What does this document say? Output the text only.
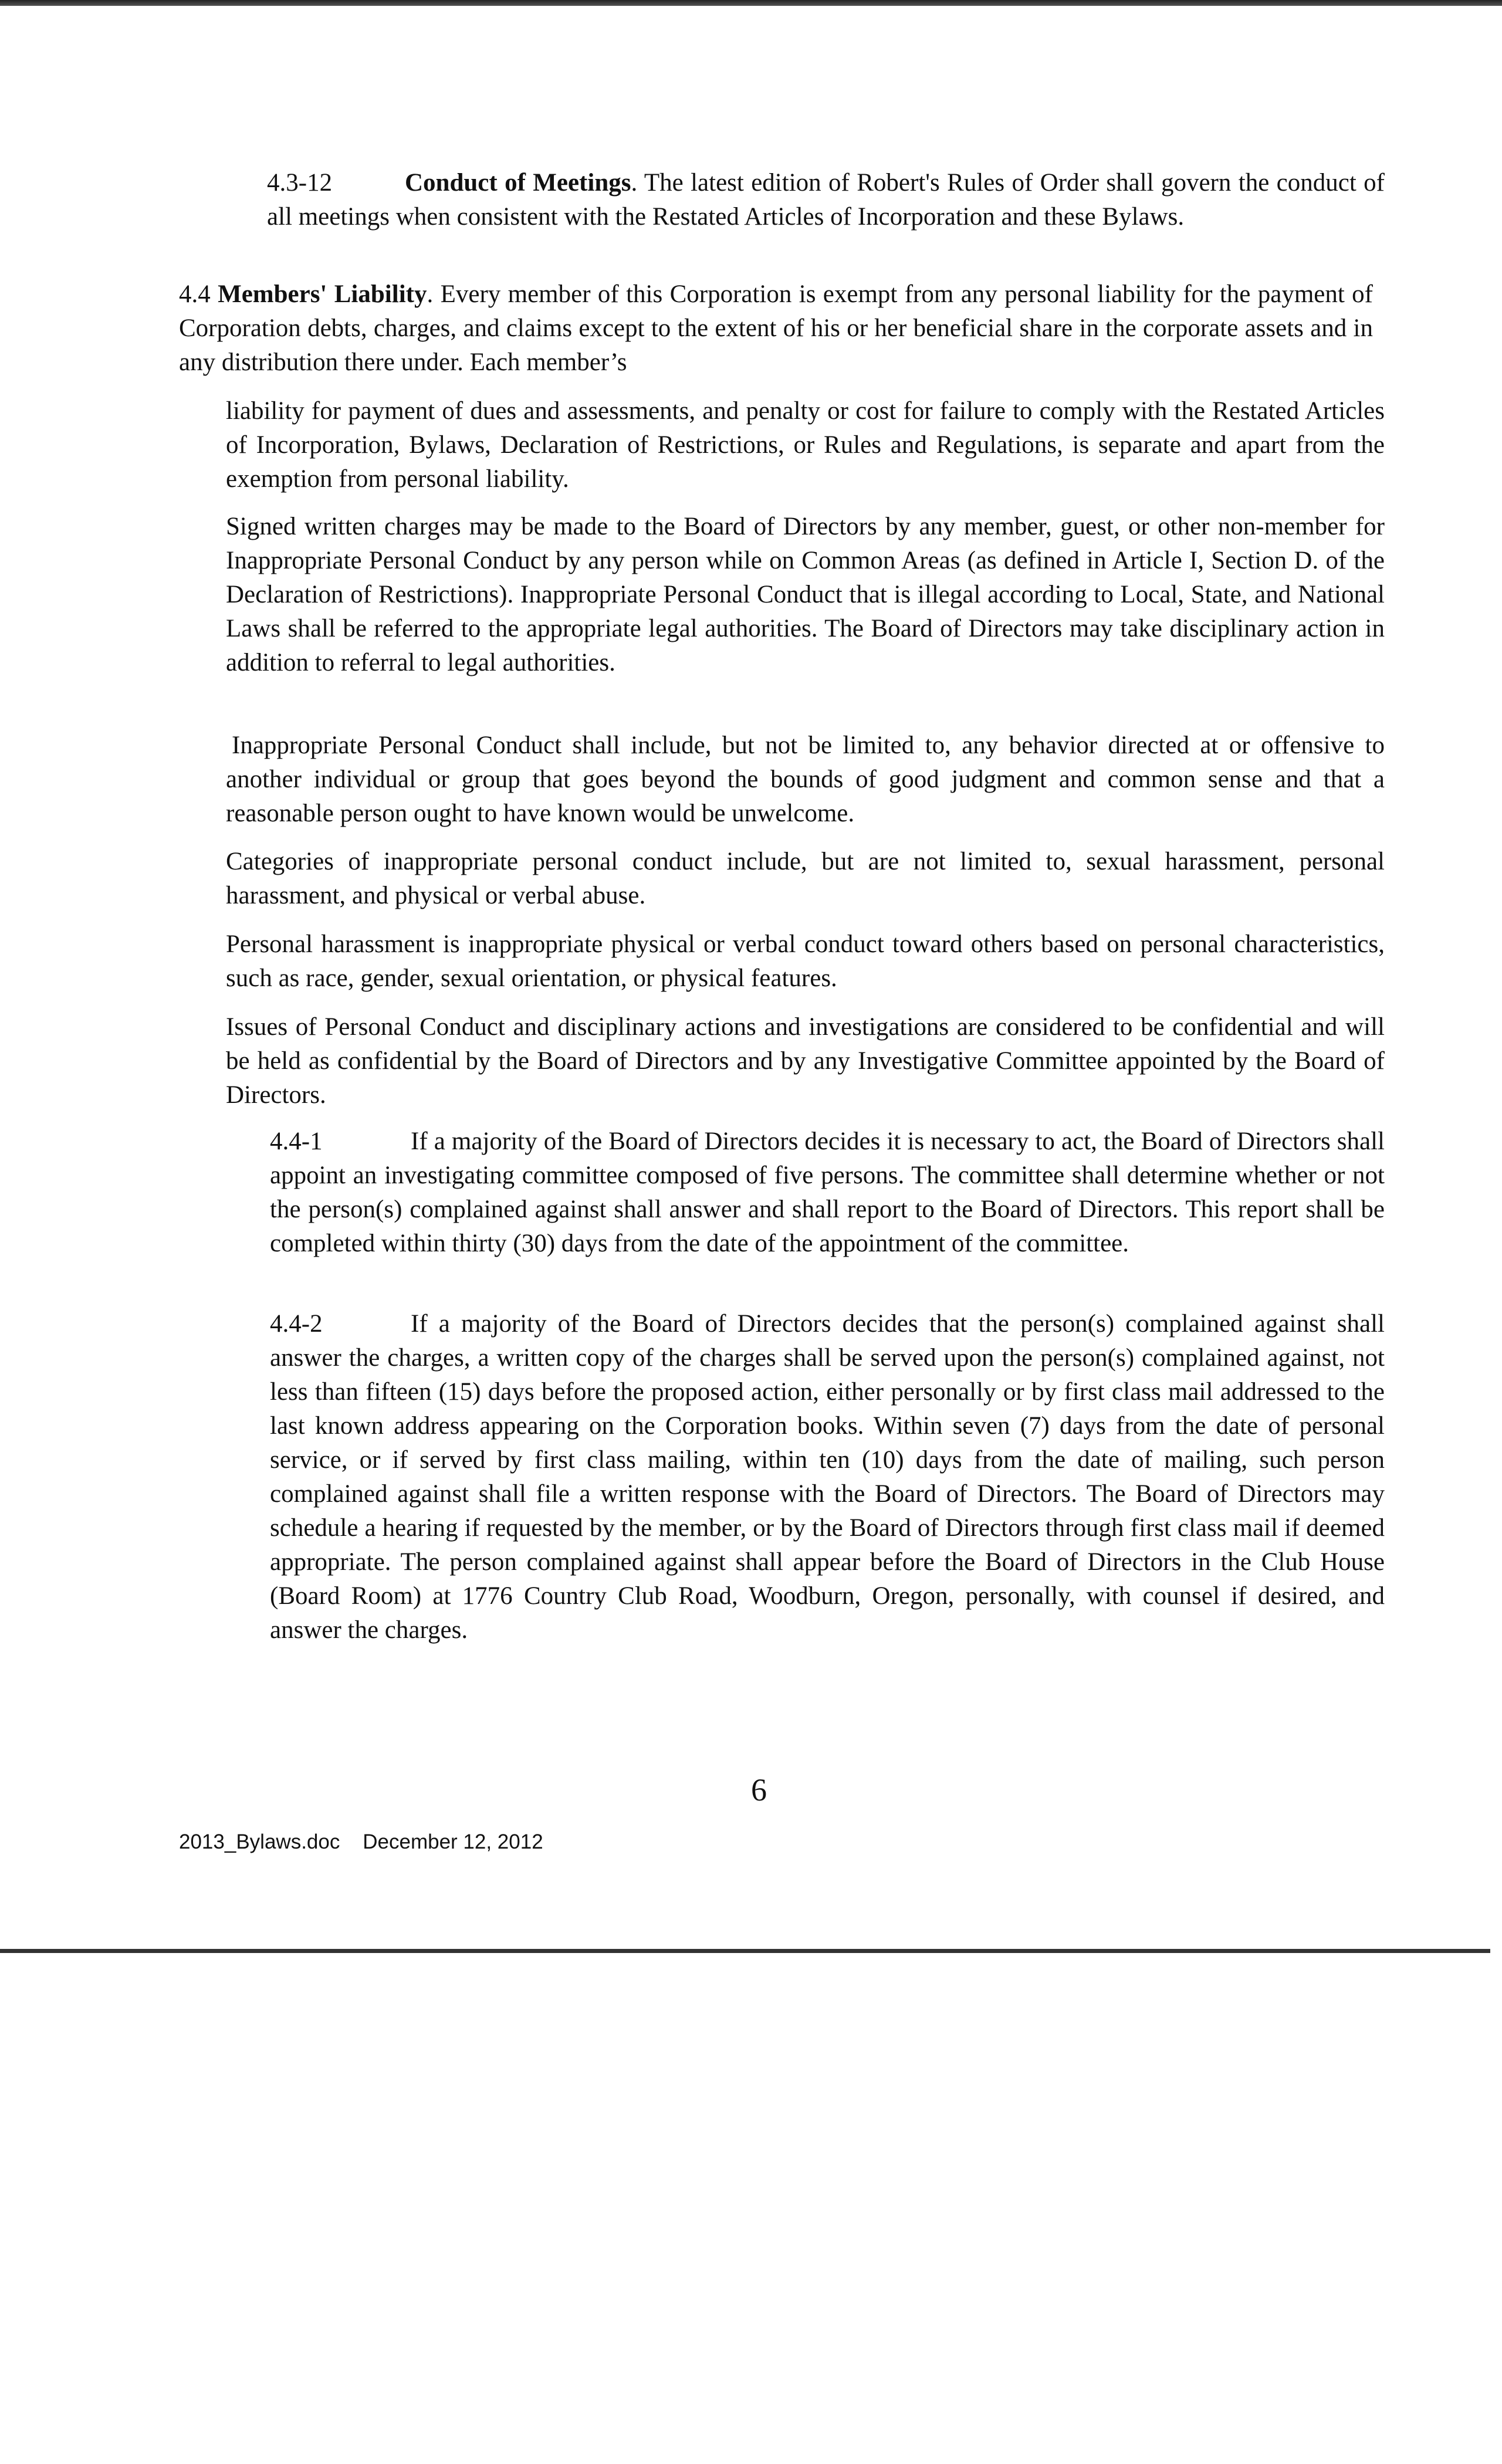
4.3-12	Conduct of Meetings. The latest edition of Robert's Rules of Order shall govern the conduct of all meetings when consistent with the Restated Articles of Incorporation and these Bylaws.

4.4 Members' Liability. Every member of this Corporation is exempt from any personal liability for the payment of Corporation debts, charges, and claims except to the extent of his or her beneficial share in the corporate assets and in any distribution there under. Each member’s

liability for payment of dues and assessments, and penalty or cost for failure to comply with the Restated Articles of Incorporation, Bylaws, Declaration of Restrictions, or Rules and Regulations, is separate and apart from the exemption from personal liability.

Signed written charges may be made to the Board of Directors by any member, guest, or other non-member for Inappropriate Personal Conduct by any person while on Common Areas (as defined in Article I, Section D. of the Declaration of Restrictions). Inappropriate Personal Conduct that is illegal according to Local, State, and National Laws shall be referred to the appropriate legal authorities. The Board of Directors may take disciplinary action in addition to referral to legal authorities.

Inappropriate Personal Conduct shall include, but not be limited to, any behavior directed at or offensive to another individual or group that goes beyond the bounds of good judgment and common sense and that a reasonable person ought to have known would be unwelcome.

Categories of inappropriate personal conduct include, but are not limited to, sexual harassment, personal harassment, and physical or verbal abuse.

Personal harassment is inappropriate physical or verbal conduct toward others based on personal characteristics, such as race, gender, sexual orientation, or physical features.

Issues of Personal Conduct and disciplinary actions and investigations are considered to be confidential and will be held as confidential by the Board of Directors and by any Investigative Committee appointed by the Board of Directors.

4.4-1	If a majority of the Board of Directors decides it is necessary to act, the Board of Directors shall appoint an investigating committee composed of five persons. The committee shall determine whether or not the person(s) complained against shall answer and shall report to the Board of Directors. This report shall be completed within thirty (30) days from the date of the appointment of the committee.

4.4-2	If a majority of the Board of Directors decides that the person(s) complained against shall answer the charges, a written copy of the charges shall be served upon the person(s) complained against, not less than fifteen (15) days before the proposed action, either personally or by first class mail addressed to the last known address appearing on the Corporation books. Within seven (7) days from the date of personal service, or if served by first class mailing, within ten (10) days from the date of mailing, such person complained against shall file a written response with the Board of Directors. The Board of Directors may schedule a hearing if requested by the member, or by the Board of Directors through first class mail if deemed appropriate. The person complained against shall appear before the Board of Directors in the Club House (Board Room) at 1776 Country Club Road, Woodburn, Oregon, personally, with counsel if desired, and answer the charges.

6
2013_Bylaws.doc December 12, 2012
